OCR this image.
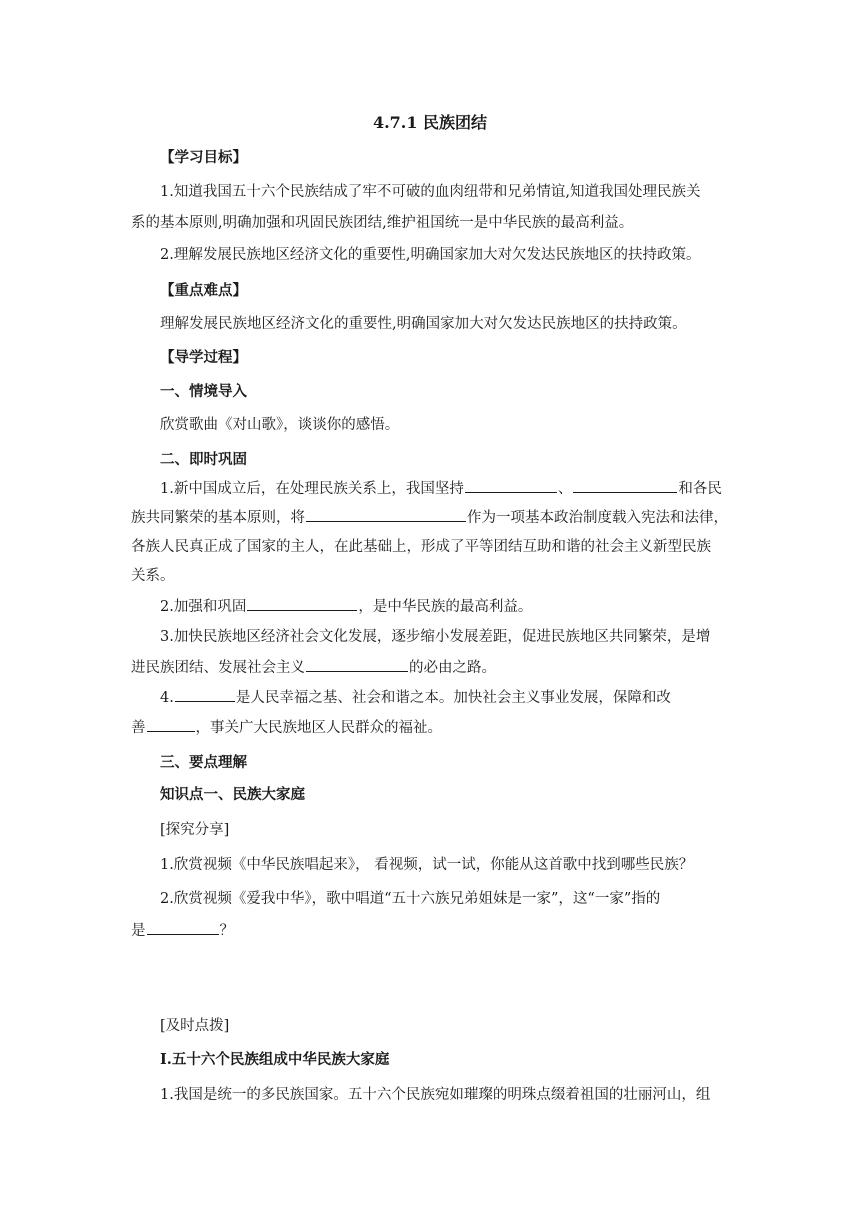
4.7.1 民族团结
【学习目标】
1.知道我国五十六个民族结成了牢不可破的血肉纽带和兄弟情谊,知道我国处理民族关
系的基本原则,明确加强和巩固民族团结,维护祖国统一是中华民族的最高利益。
2.理解发展民族地区经济文化的重要性,明确国家加大对欠发达民族地区的扶持政策。
【重点难点】
理解发展民族地区经济文化的重要性,明确国家加大对欠发达民族地区的扶持政策。
【导学过程】
一、情境导入
欣赏歌曲《对山歌》，谈谈你的感悟。
二、即时巩固
1.新中国成立后，在处理民族关系上，我国坚持	、	和各民
族共同繁荣的基本原则，将	作为一项基本政治制度载入宪法和法律，
各族人民真正成了国家的主人，在此基础上，形成了平等团结互助和谐的社会主义新型民族
关系。
2.加强和巩固	，是中华民族的最高利益。
3.加快民族地区经济社会文化发展，逐步缩小发展差距，促进民族地区共同繁荣，是增
进民族团结、发展社会主义	的必由之路。
4.	是人民幸福之基、社会和谐之本。加快社会主义事业发展，保障和改
善	，事关广大民族地区人民群众的福祉。
三、要点理解
知识点一、民族大家庭
[探究分享]
1.欣赏视频《中华民族唱起来》， 看视频，试一试，你能从这首歌中找到哪些民族？
2.欣赏视频《爱我中华》，歌中唱道“五十六族兄弟姐妹是一家”，这“一家”指的
是	？
[及时点拨]
Ⅰ.五十六个民族组成中华民族大家庭
1.我国是统一的多民族国家。五十六个民族宛如璀璨的明珠点缀着祖国的壮丽河山，组
